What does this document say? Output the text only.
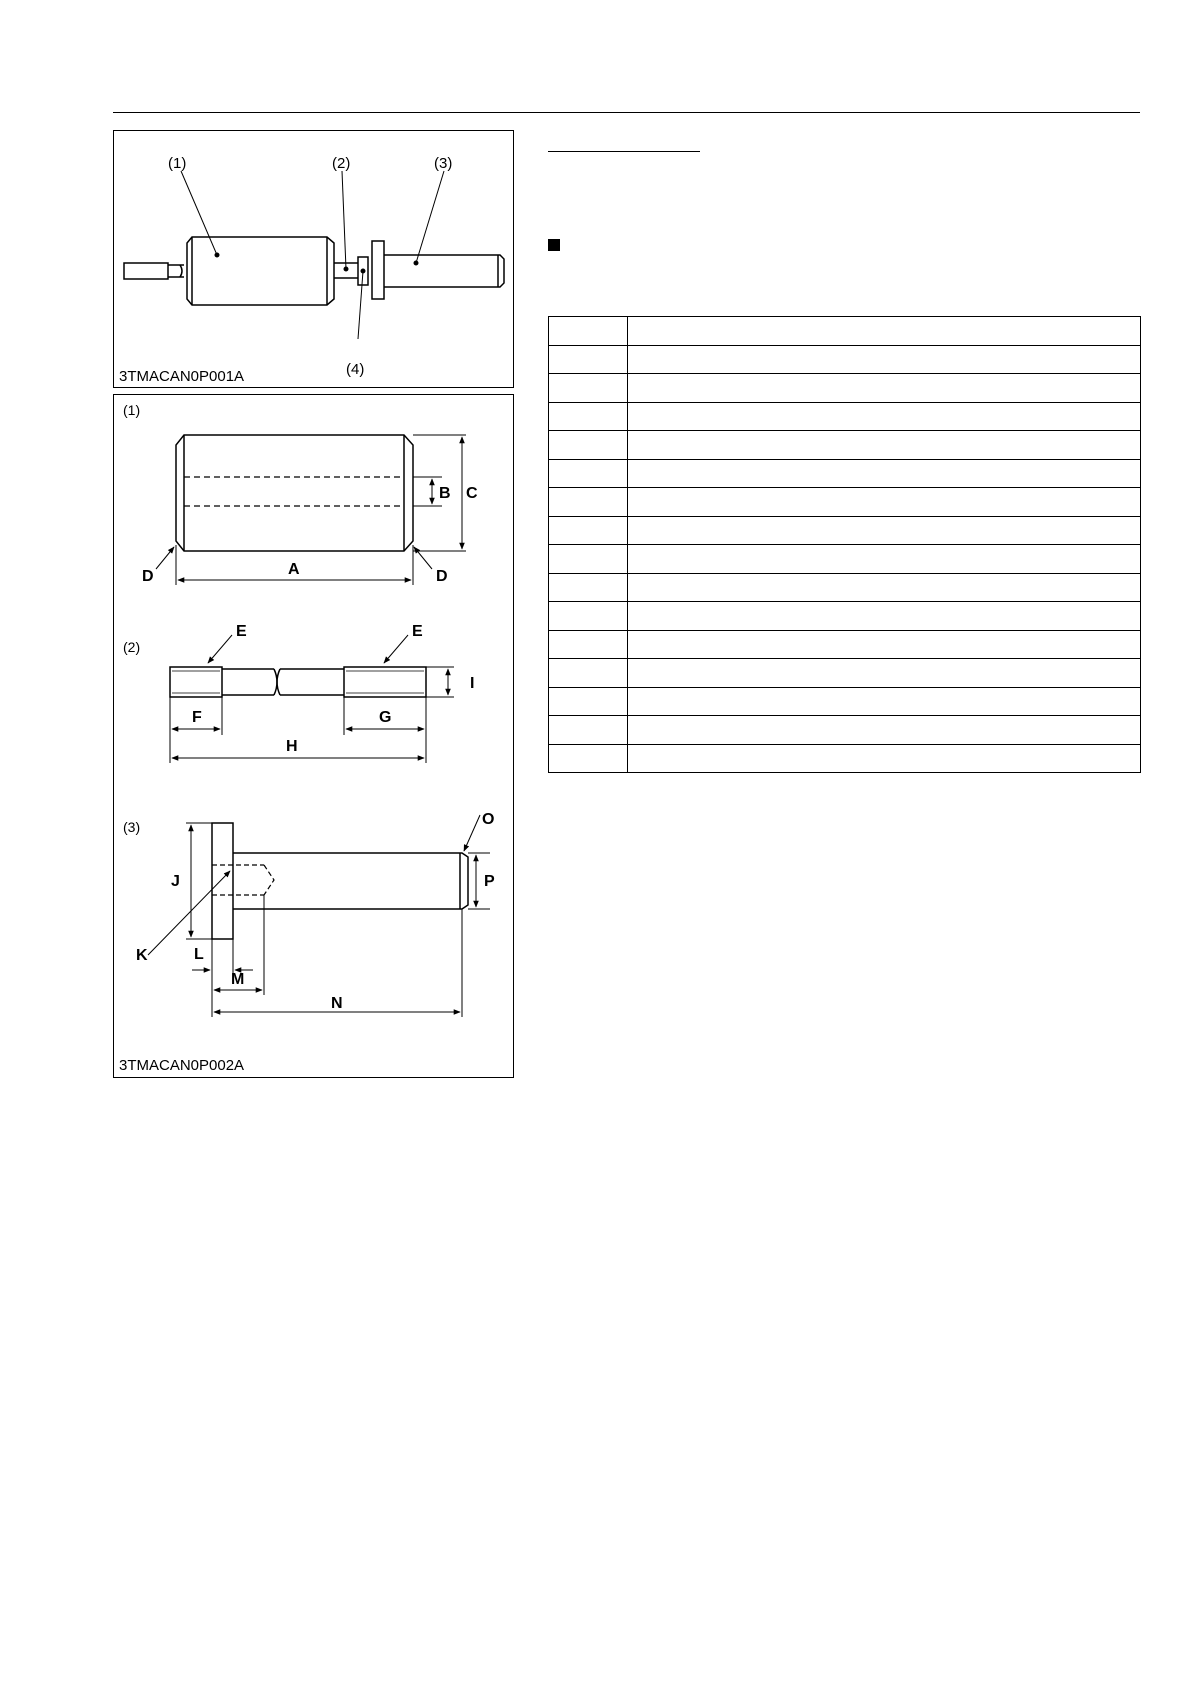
(1)	(2)	(3)
(4)
3TMACAN0P001A
(1)
(2)
(3)
A
B C
D	D
E	E
F	G
H
I
J
K	L
M
N
O
P
3TMACAN0P002A
